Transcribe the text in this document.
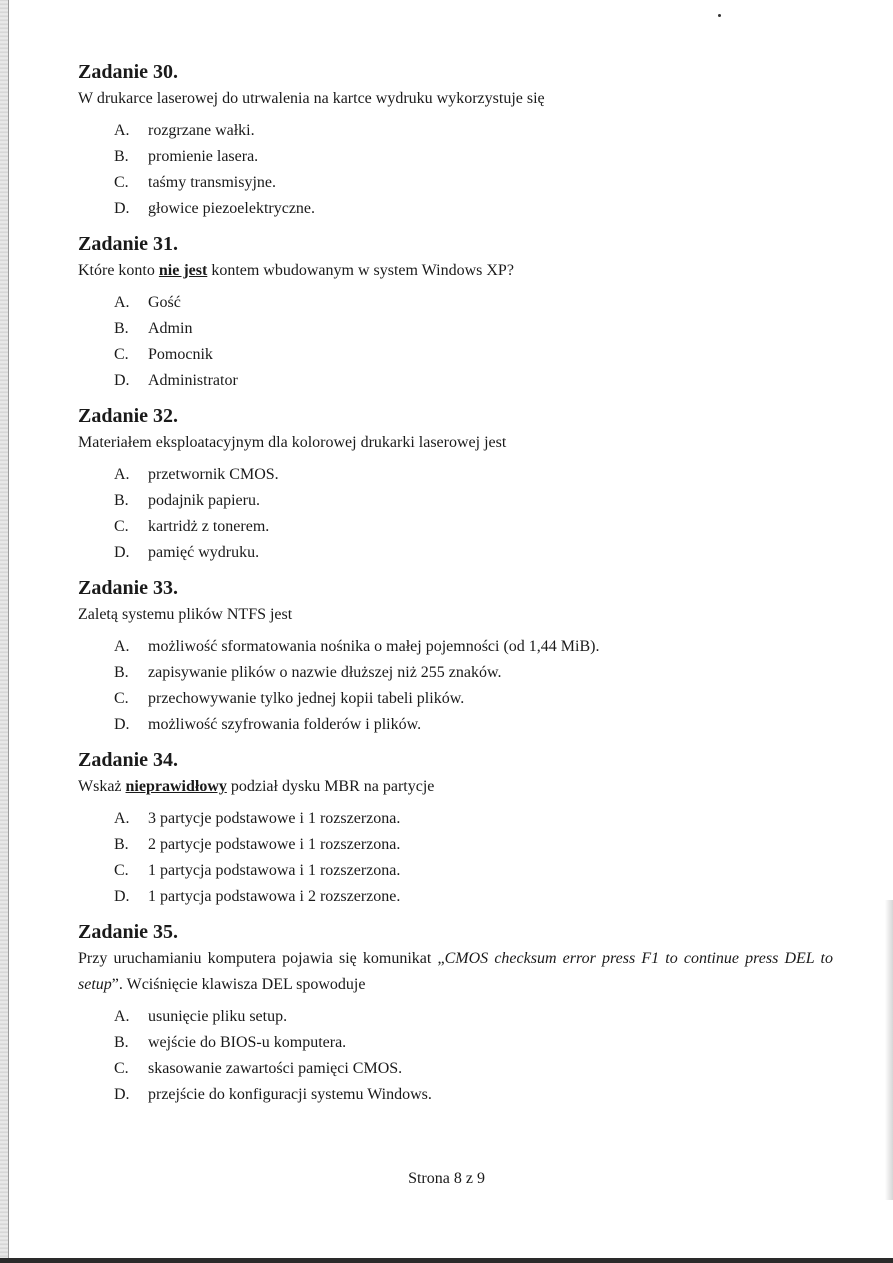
Zadanie 30.

W drukarce laserowej do utrwalenia na kartce wydruku wykorzystuje się

A.	rozgrzane wałki.
B.	promienie lasera.
C.	taśmy transmisyjne.
D.	głowice piezoelektryczne.
Zadanie 31.

Które konto nie jest kontem wbudowanym w system Windows XP?

A.	Gość
B.	Admin
C.	Pomocnik
D.	Administrator
Zadanie 32.

Materiałem eksploatacyjnym dla kolorowej drukarki laserowej jest

A.	przetwornik CMOS.
B.	podajnik papieru.
C.	kartridż z tonerem.
D.	pamięć wydruku.
Zadanie 33.

Zaletą systemu plików NTFS jest

A.	możliwość sformatowania nośnika o małej pojemności (od 1,44 MiB).
B.	zapisywanie plików o nazwie dłuższej niż 255 znaków.
C.	przechowywanie tylko jednej kopii tabeli plików.
D.	możliwość szyfrowania folderów i plików.
Zadanie 34.

Wskaż nieprawidłowy podział dysku MBR na partycje

A.	3 partycje podstawowe i 1 rozszerzona.
B.	2 partycje podstawowe i 1 rozszerzona.
C.	1 partycja podstawowa i 1 rozszerzona.
D.	1 partycja podstawowa i 2 rozszerzone.
Zadanie 35.

Przy uruchamianiu komputera pojawia się komunikat „CMOS checksum error press F1 to continue press DEL to setup”. Wciśnięcie klawisza DEL spowoduje

A.	usunięcie pliku setup.
B.	wejście do BIOS-u komputera.
C.	skasowanie zawartości pamięci CMOS.
D.	przejście do konfiguracji systemu Windows.
Strona 8 z 9
